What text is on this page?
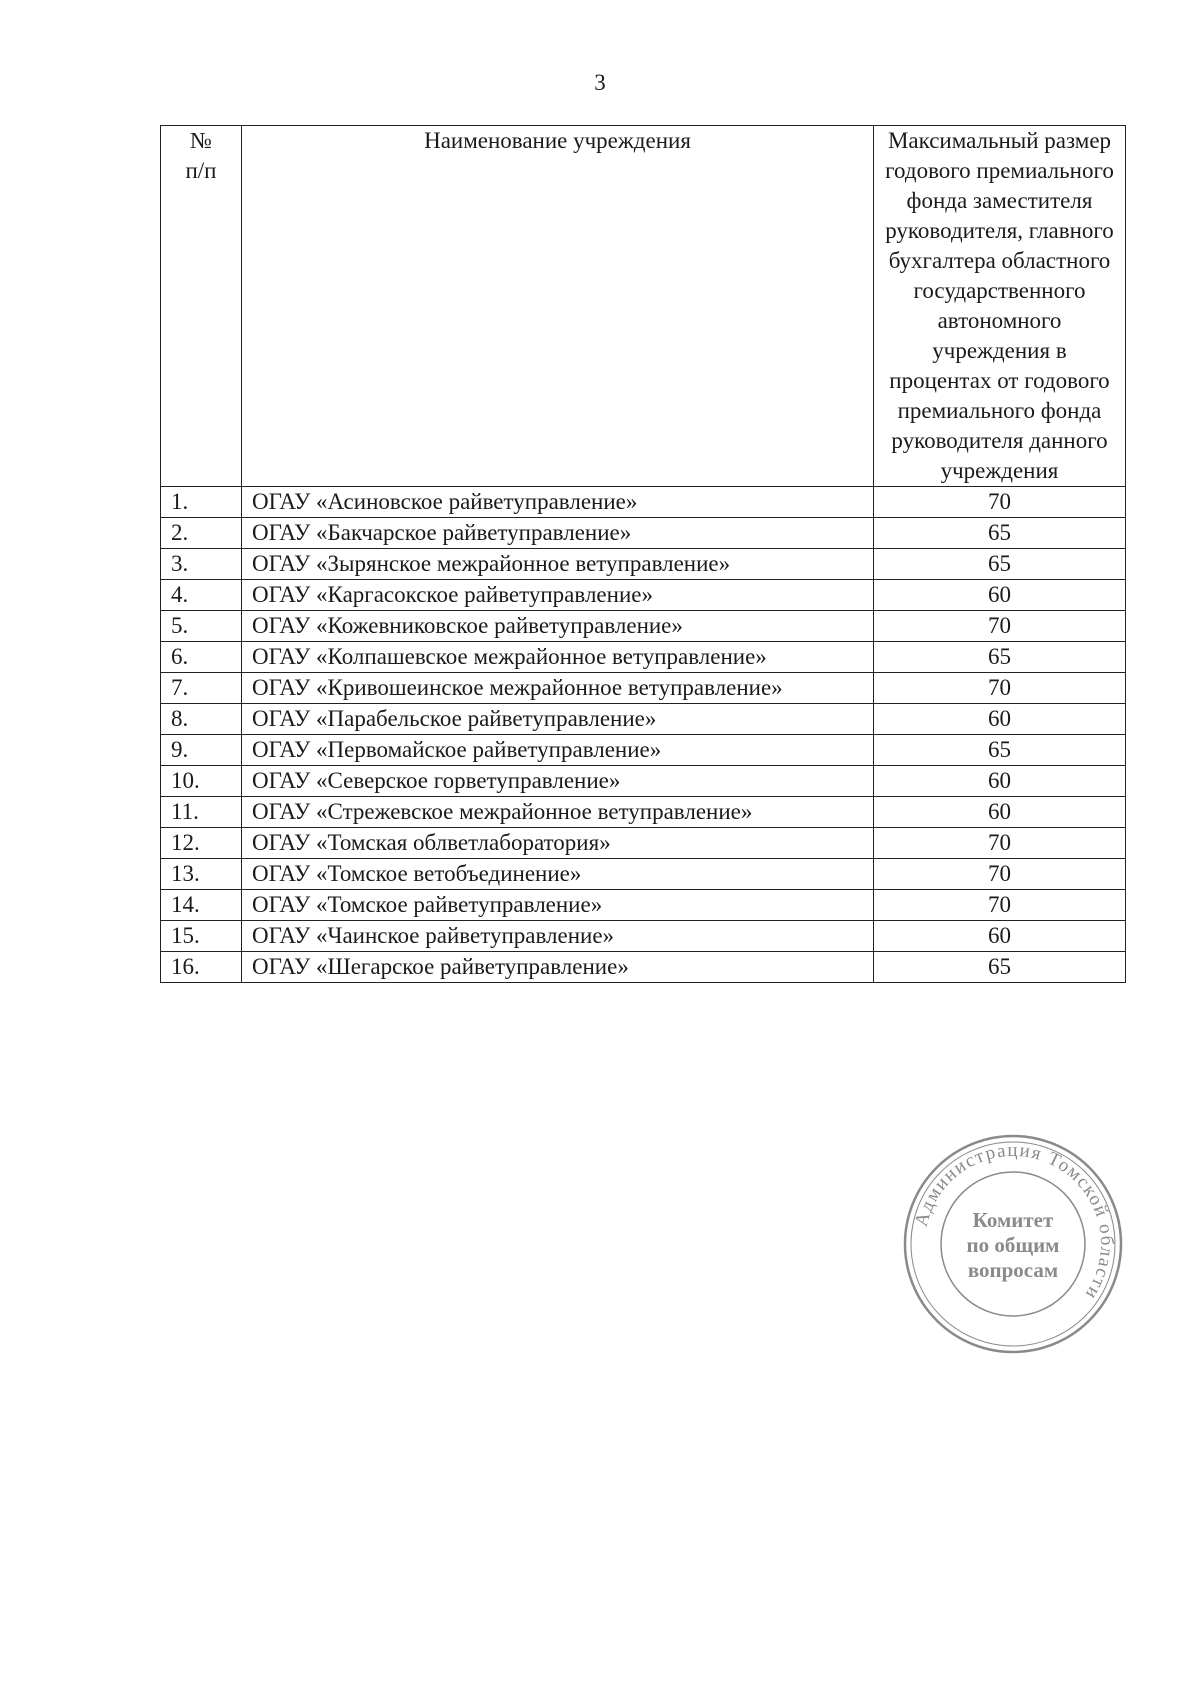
3
№
п/п	Наименование учреждения	Максимальный размер годового премиального фонда заместителя руководителя, главного бухгалтера областного государственного автономного учреждения в процентах от годового премиального фонда руководителя данного учреждения
1.	ОГАУ «Асиновское райветуправление»	70
2.	ОГАУ «Бакчарское райветуправление»	65
3.	ОГАУ «Зырянское межрайонное ветуправление»	65
4.	ОГАУ «Каргасокское райветуправление»	60
5.	ОГАУ «Кожевниковское райветуправление»	70
6.	ОГАУ «Колпашевское межрайонное ветуправление»	65
7.	ОГАУ «Кривошеинское межрайонное ветуправление»	70
8.	ОГАУ «Парабельское райветуправление»	60
9.	ОГАУ «Первомайское райветуправление»	65
10.	ОГАУ «Северское горветуправление»	60
11.	ОГАУ «Стрежевское межрайонное ветуправление»	60
12.	ОГАУ «Томская облветлаборатория»	70
13.	ОГАУ «Томское ветобъединение»	70
14.	ОГАУ «Томское райветуправление»	70
15.	ОГАУ «Чаинское райветуправление»	60
16.	ОГАУ «Шегарское райветуправление»	65
Администрация Томской области
Комитет
по общим
вопросам
